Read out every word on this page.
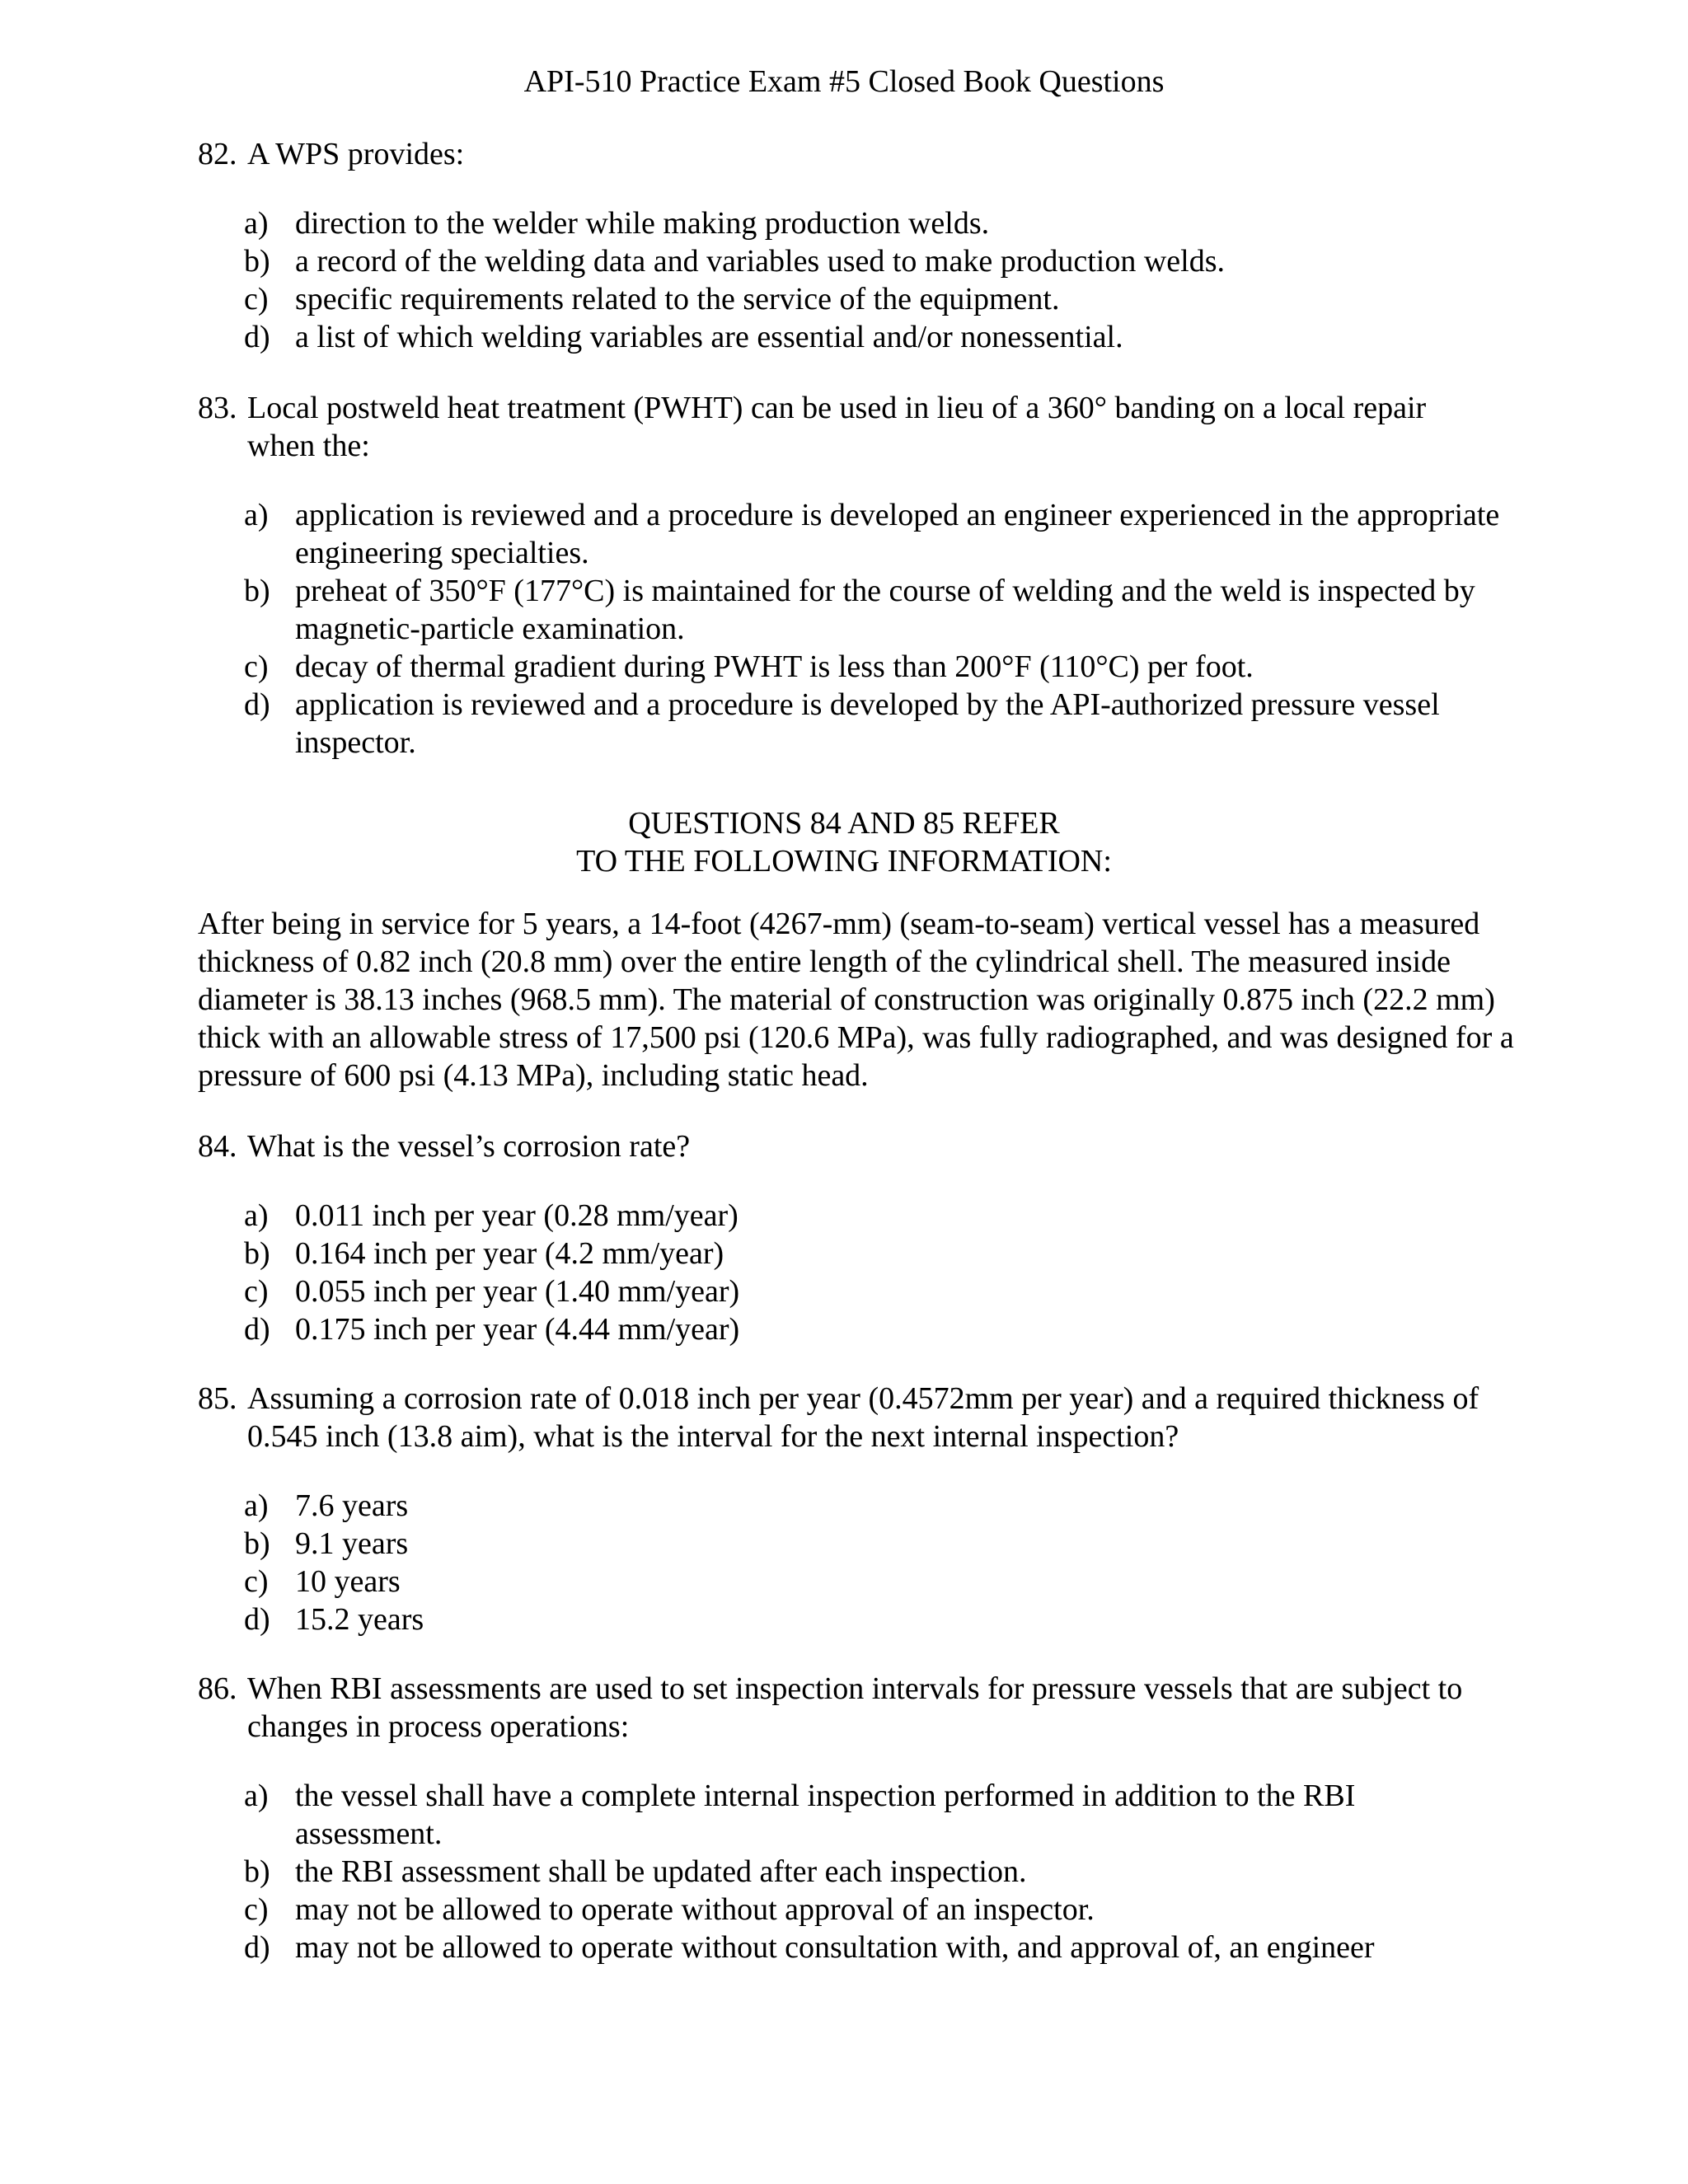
API-510 Practice Exam #5 Closed Book Questions
82. A WPS provides:
a) direction to the welder while making production welds.
b) a record of the welding data and variables used to make production welds.
c) specific requirements related to the service of the equipment.
d) a list of which welding variables are essential and/or nonessential.
83. Local postweld heat treatment (PWHT) can be used in lieu of a 360° banding on a local repair when the:
a) application is reviewed and a procedure is developed an engineer experienced in the appropriate engineering specialties.
b) preheat of 350°F (177°C) is maintained for the course of welding and the weld is inspected by magnetic-particle examination.
c) decay of thermal gradient during PWHT is less than 200°F (110°C) per foot.
d) application is reviewed and a procedure is developed by the API-authorized pressure vessel inspector.
QUESTIONS 84 AND 85 REFER
TO THE FOLLOWING INFORMATION:
After being in service for 5 years, a 14-foot (4267-mm) (seam-to-seam) vertical vessel has a measured thickness of 0.82 inch (20.8 mm) over the entire length of the cylindrical shell. The measured inside diameter is 38.13 inches (968.5 mm). The material of construction was originally 0.875 inch (22.2 mm) thick with an allowable stress of 17,500 psi (120.6 MPa), was fully radiographed, and was designed for a pressure of 600 psi (4.13 MPa), including static head.
84. What is the vessel’s corrosion rate?
a) 0.011 inch per year (0.28 mm/year)
b) 0.164 inch per year (4.2 mm/year)
c) 0.055 inch per year (1.40 mm/year)
d) 0.175 inch per year (4.44 mm/year)
85. Assuming a corrosion rate of 0.018 inch per year (0.4572mm per year) and a required thickness of 0.545 inch (13.8 aim), what is the interval for the next internal inspection?
a) 7.6 years
b) 9.1 years
c) 10 years
d) 15.2 years
86. When RBI assessments are used to set inspection intervals for pressure vessels that are subject to changes in process operations:
a) the vessel shall have a complete internal inspection performed in addition to the RBI assessment.
b) the RBI assessment shall be updated after each inspection.
c) may not be allowed to operate without approval of an inspector.
d) may not be allowed to operate without consultation with, and approval of, an engineer
